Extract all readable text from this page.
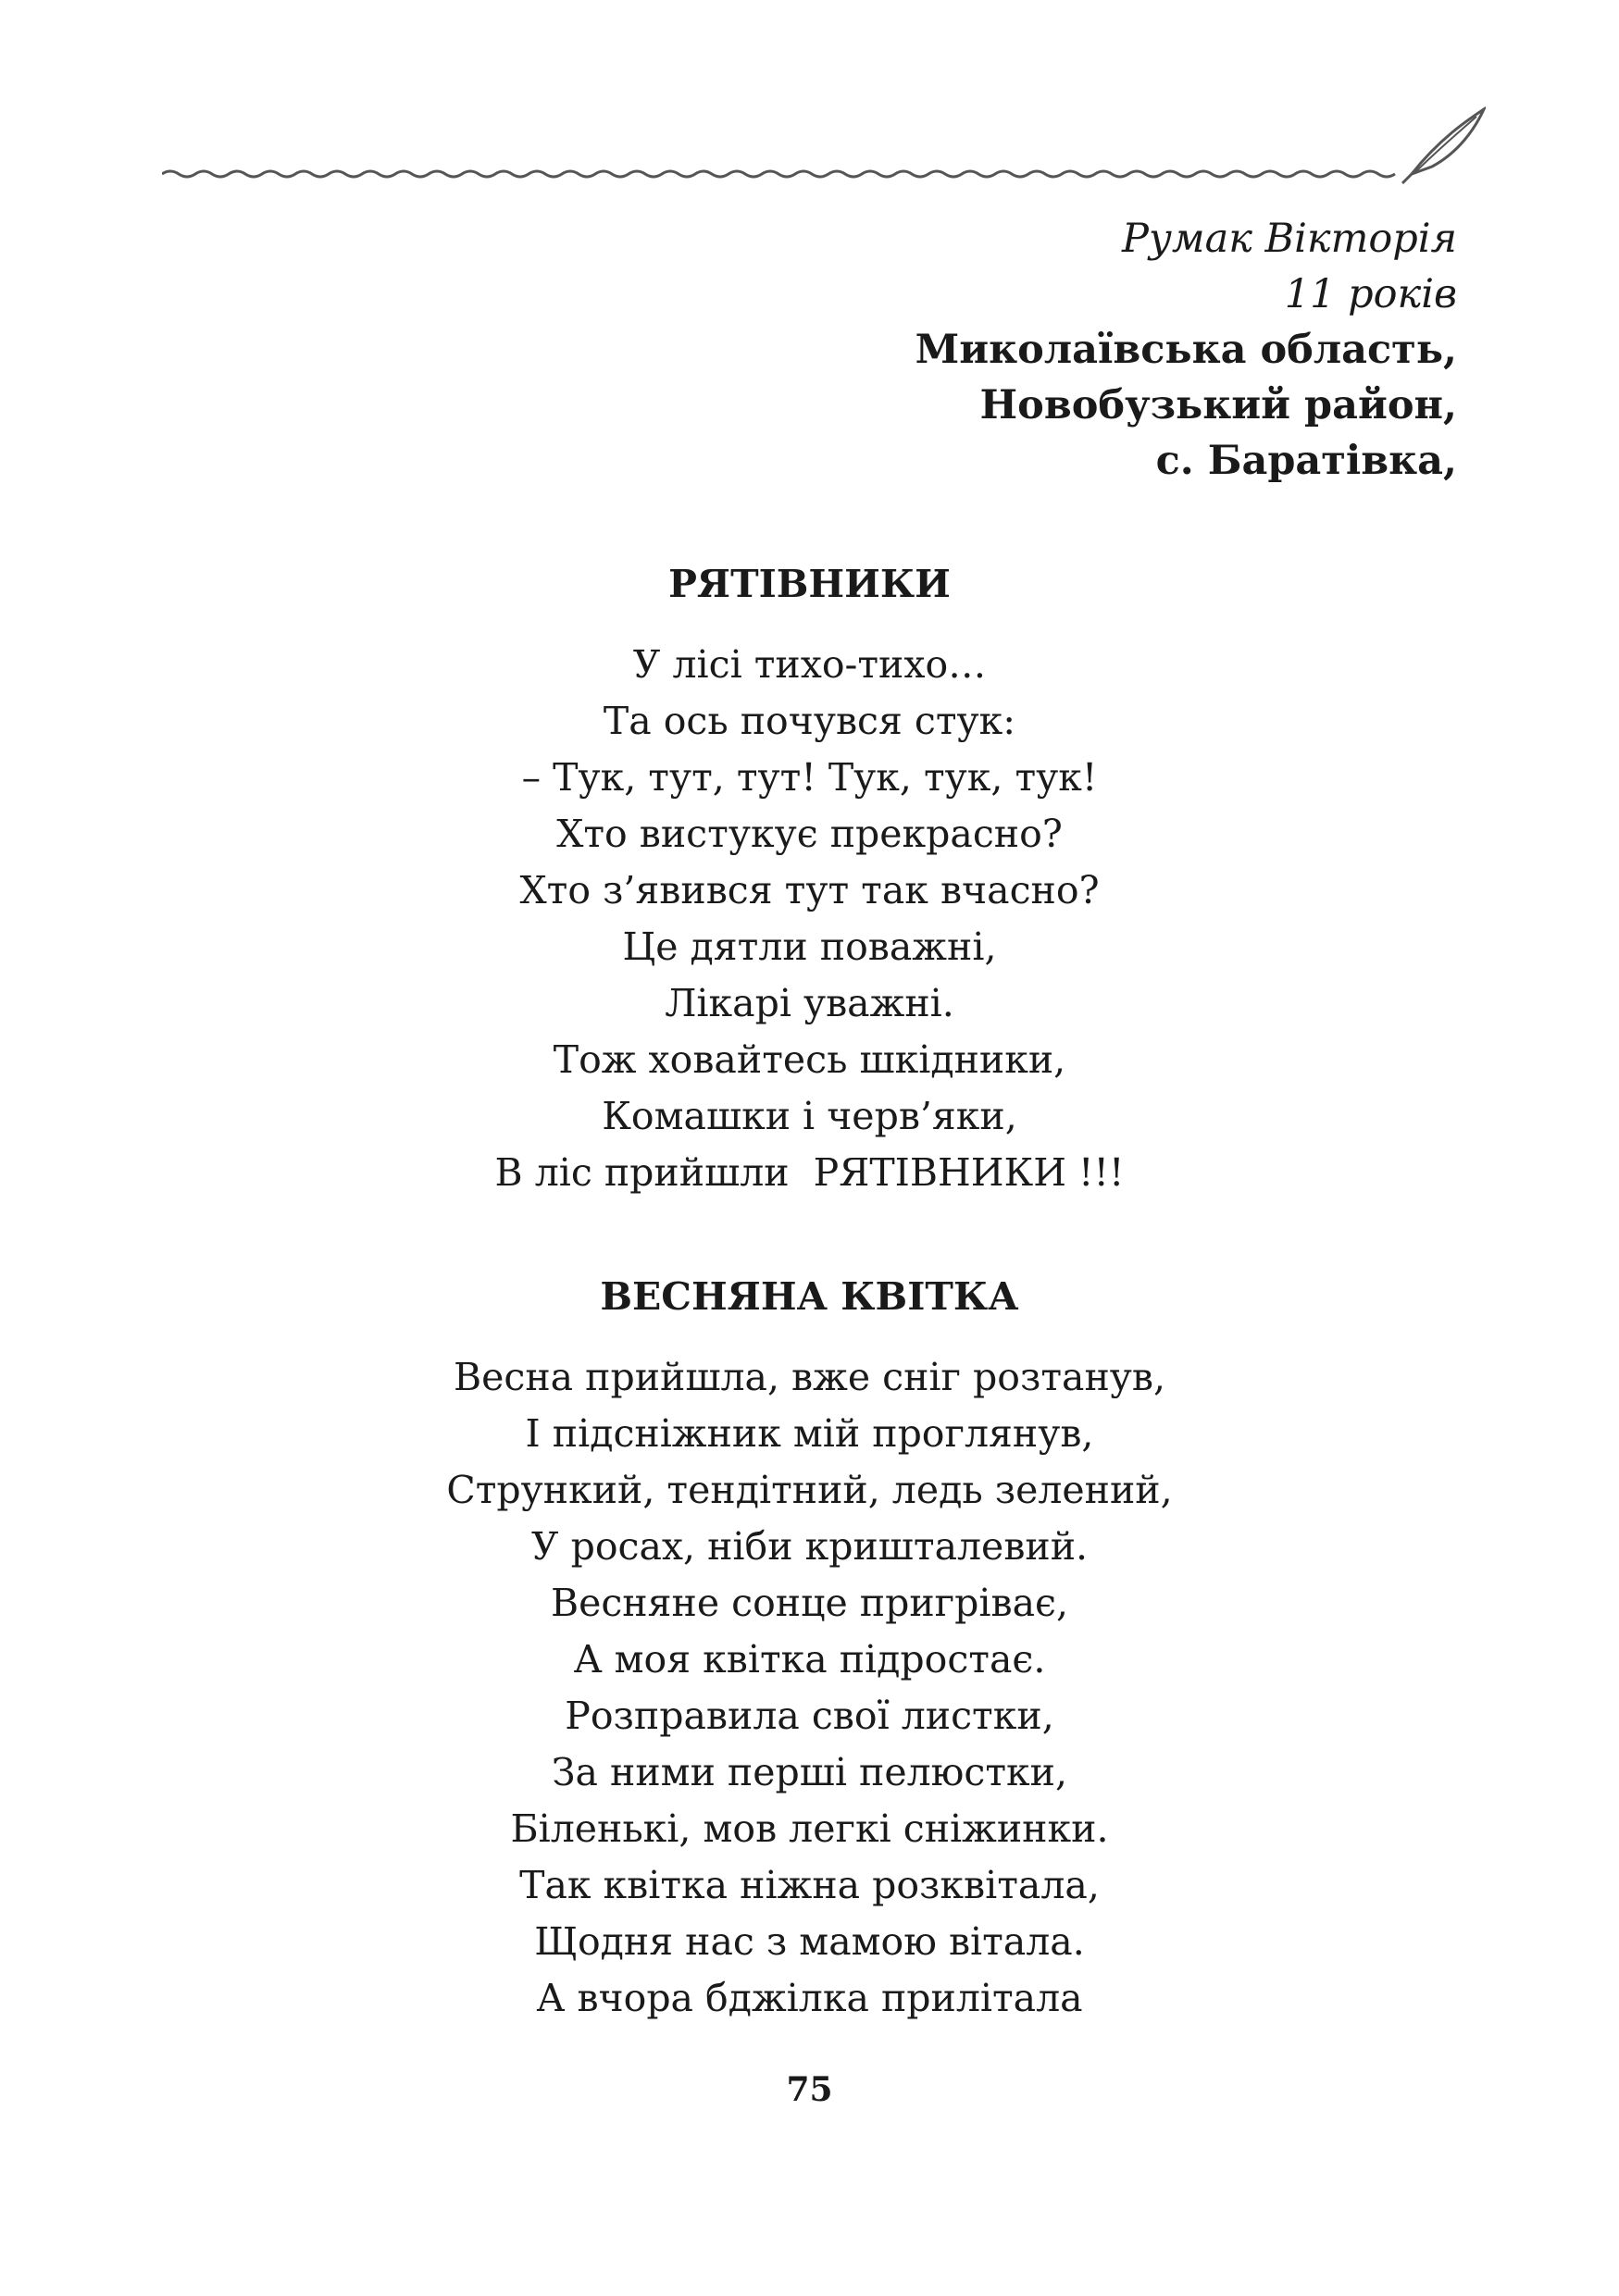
Румак Вікторія
11 років
Миколаївська область,
Новобузький район,
с. Баратівка,
РЯТІВНИКИ
У лісі тихо-тихо…
Та ось почувся стук:
– Тук, тут, тут! Тук, тук, тук!
Хто вистукує прекрасно?
Хто з’явився тут так вчасно?
Це дятли поважні,
Лікарі уважні.
Тож ховайтесь шкідники,
Комашки і черв’яки,
В ліс прийшли  РЯТІВНИКИ !!!
ВЕСНЯНА КВІТКА
Весна прийшла, вже сніг розтанув,
І підсніжник мій проглянув,
Стрункий, тендітний, ледь зелений,
У росах, ніби кришталевий.
Весняне сонце пригріває,
А моя квітка підростає.
Розправила свої листки,
За ними перші пелюстки,
Біленькі, мов легкі сніжинки.
Так квітка ніжна розквітала,
Щодня нас з мамою вітала.
А вчора бджілка прилітала
75
